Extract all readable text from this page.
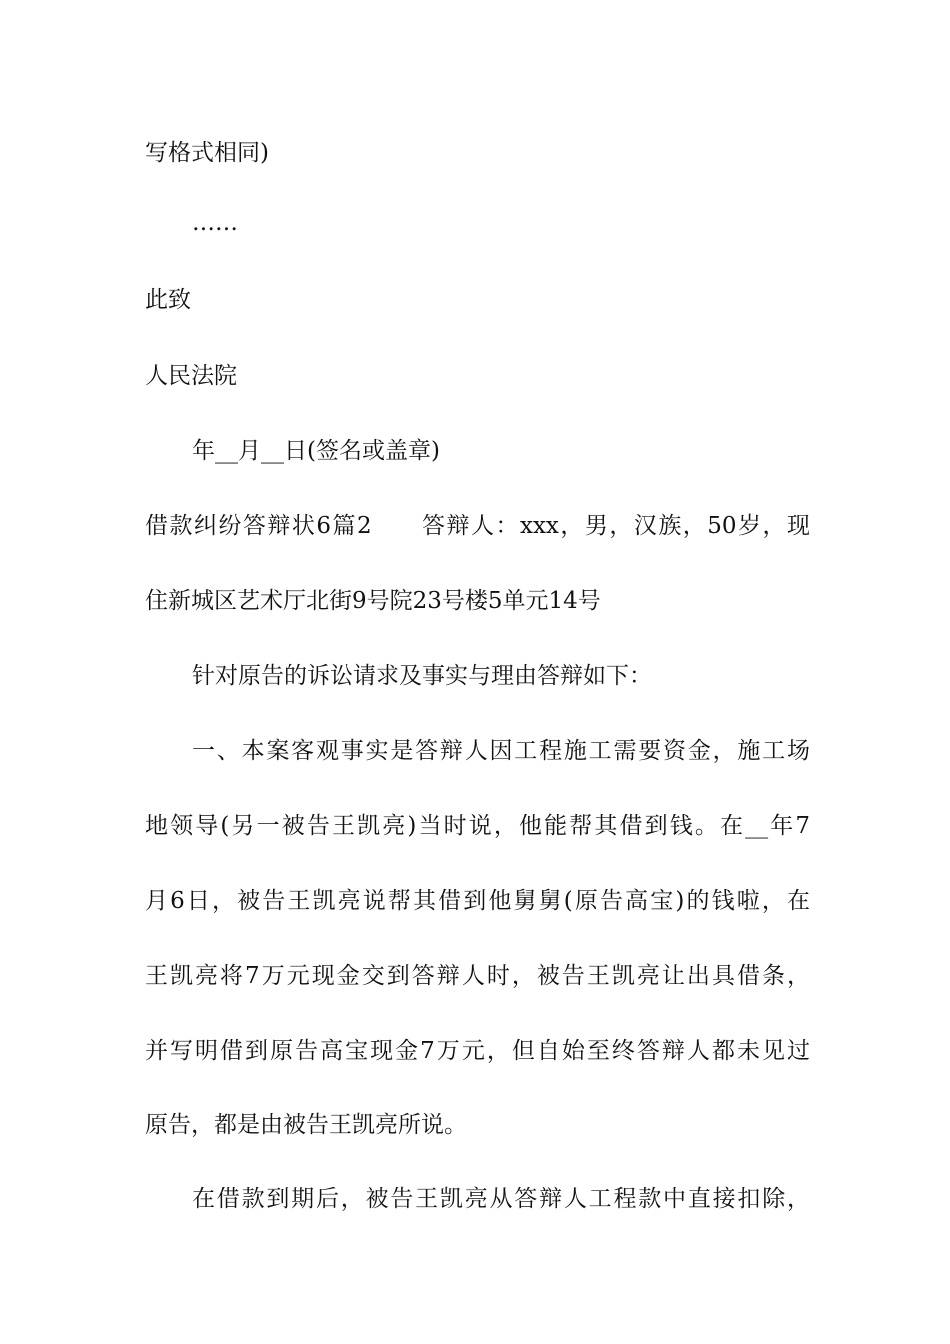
写格式相同)
……
此致
人民法院
年__月__日(签名或盖章)
借款纠纷答辩状6篇2　　答辩人：xxx，男，汉族，50岁，现
住新城区艺术厅北街9号院23号楼5单元14号
针对原告的诉讼请求及事实与理由答辩如下：
一、本案客观事实是答辩人因工程施工需要资金，施工场
地领导(另一被告王凯亮)当时说，他能帮其借到钱。在__年7
月6日，被告王凯亮说帮其借到他舅舅(原告高宝)的钱啦，在
王凯亮将7万元现金交到答辩人时，被告王凯亮让出具借条，
并写明借到原告高宝现金7万元，但自始至终答辩人都未见过
原告，都是由被告王凯亮所说。
在借款到期后，被告王凯亮从答辩人工程款中直接扣除，
